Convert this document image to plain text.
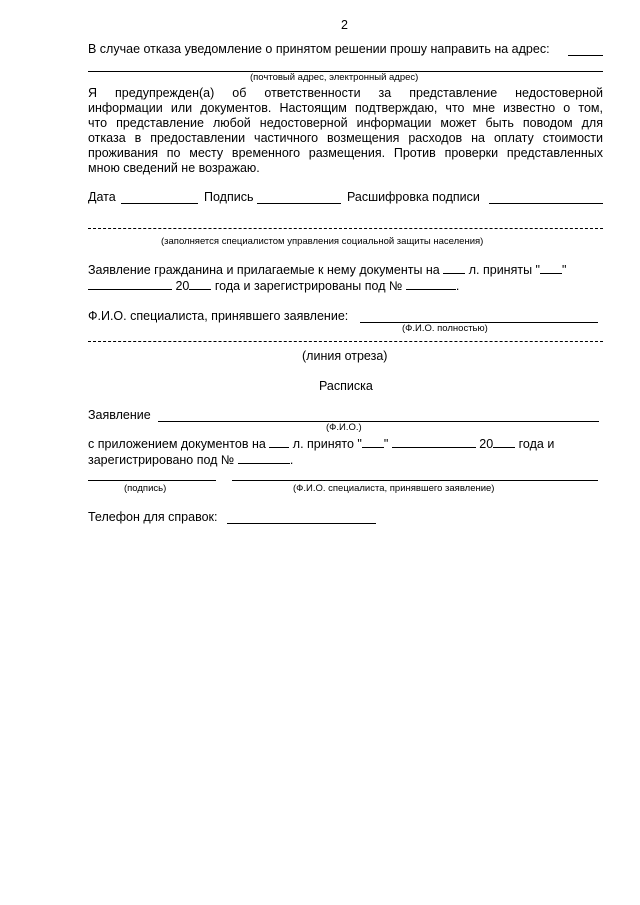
2
В случае отказа уведомление о принятом решении прошу направить на адрес:
(почтовый адрес, электронный адрес)
Я предупрежден(а) об ответственности за представление недостоверной
информации или документов. Настоящим подтверждаю, что мне известно о том,
что представление любой недостоверной информации может быть поводом для
отказа в предоставлении частичного возмещения расходов на оплату стоимости
проживания по месту временного размещения. Против проверки представленных
мною сведений не возражаю.
Дата	Подпись	Расшифровка подписи
(заполняется специалистом управления социальной защиты населения)
Заявление гражданина и прилагаемые к нему документы на л. приняты " "
20 года и зарегистрированы под №	.
Ф.И.О. специалиста, принявшего заявление:
(Ф.И.О. полностью)
(линия отреза)
Расписка
Заявление
(Ф.И.О.)
с приложением документов на л. принято " "	20 года и
зарегистрировано под №	.
(подпись)	(Ф.И.О. специалиста, принявшего заявление)
Телефон для справок:
